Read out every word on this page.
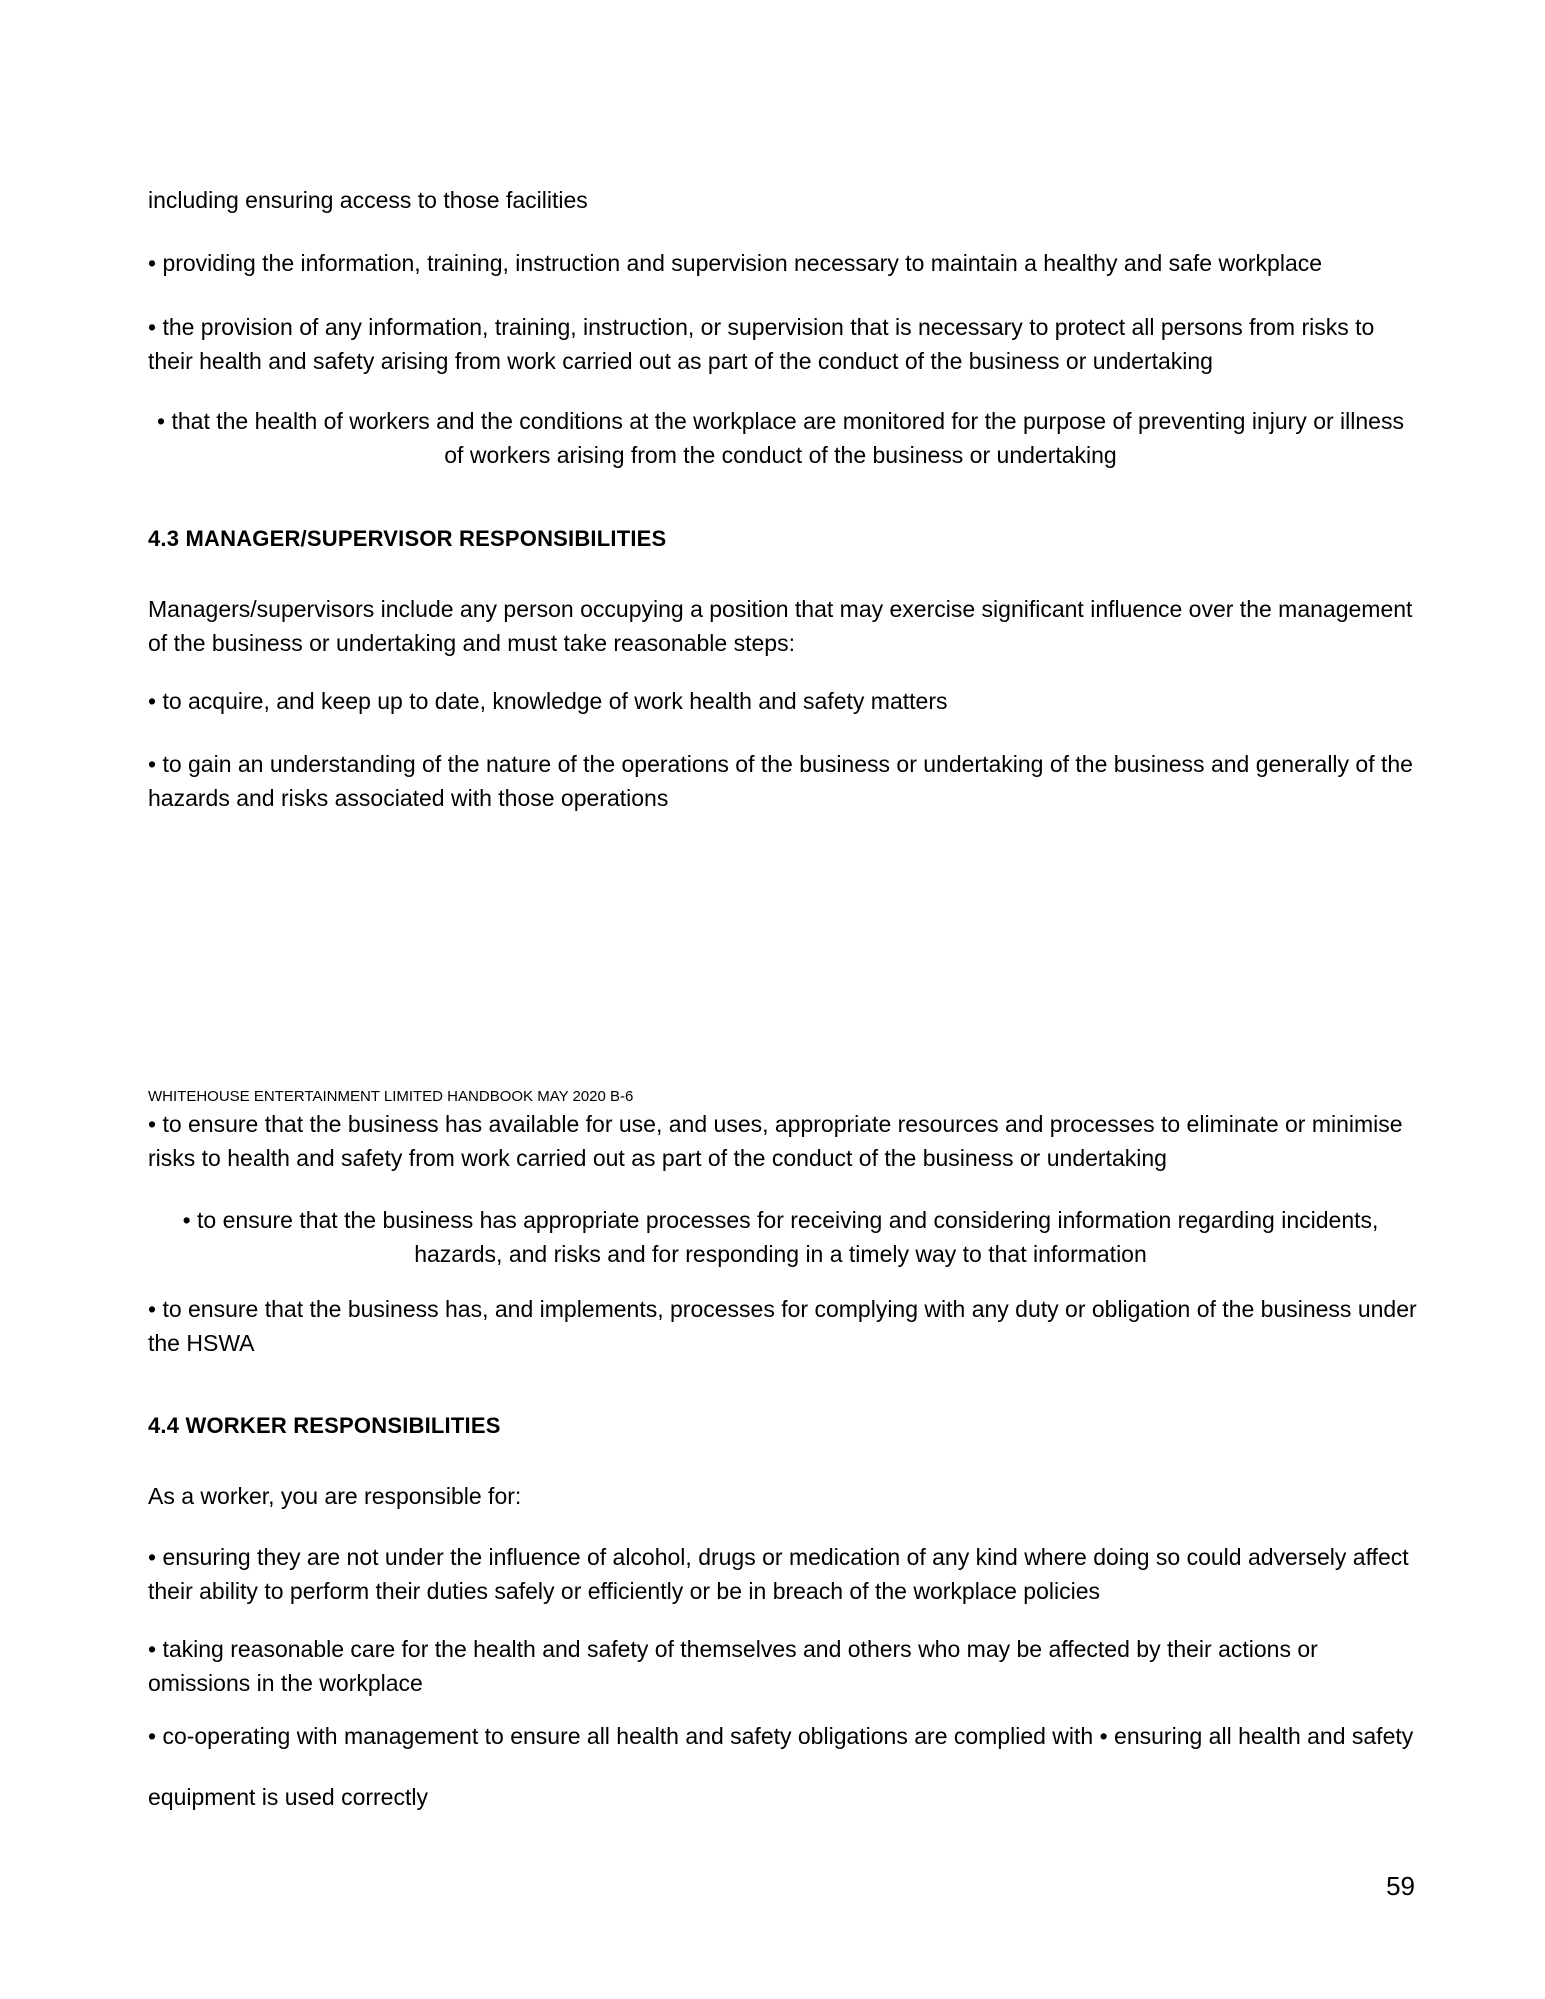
including ensuring access to those facilities
• providing the information, training, instruction and supervision necessary to maintain a healthy and safe workplace
• the provision of any information, training, instruction, or supervision that is necessary to protect all persons from risks to
their health and safety arising from work carried out as part of the conduct of the business or undertaking
• that the health of workers and the conditions at the workplace are monitored for the purpose of preventing injury or illness
of workers arising from the conduct of the business or undertaking
4.3 MANAGER/SUPERVISOR RESPONSIBILITIES
Managers/supervisors include any person occupying a position that may exercise significant influence over the management
of the business or undertaking and must take reasonable steps:
• to acquire, and keep up to date, knowledge of work health and safety matters
• to gain an understanding of the nature of the operations of the business or undertaking of the business and generally of the
hazards and risks associated with those operations
WHITEHOUSE ENTERTAINMENT LIMITED HANDBOOK MAY 2020 B-6
• to ensure that the business has available for use, and uses, appropriate resources and processes to eliminate or minimise
risks to health and safety from work carried out as part of the conduct of the business or undertaking
• to ensure that the business has appropriate processes for receiving and considering information regarding incidents,
hazards, and risks and for responding in a timely way to that information
• to ensure that the business has, and implements, processes for complying with any duty or obligation of the business under
the HSWA
4.4 WORKER RESPONSIBILITIES
As a worker, you are responsible for:
• ensuring they are not under the influence of alcohol, drugs or medication of any kind where doing so could adversely affect
their ability to perform their duties safely or efficiently or be in breach of the workplace policies
• taking reasonable care for the health and safety of themselves and others who may be affected by their actions or
omissions in the workplace
• co-operating with management to ensure all health and safety obligations are complied with • ensuring all health and safety
equipment is used correctly
59
